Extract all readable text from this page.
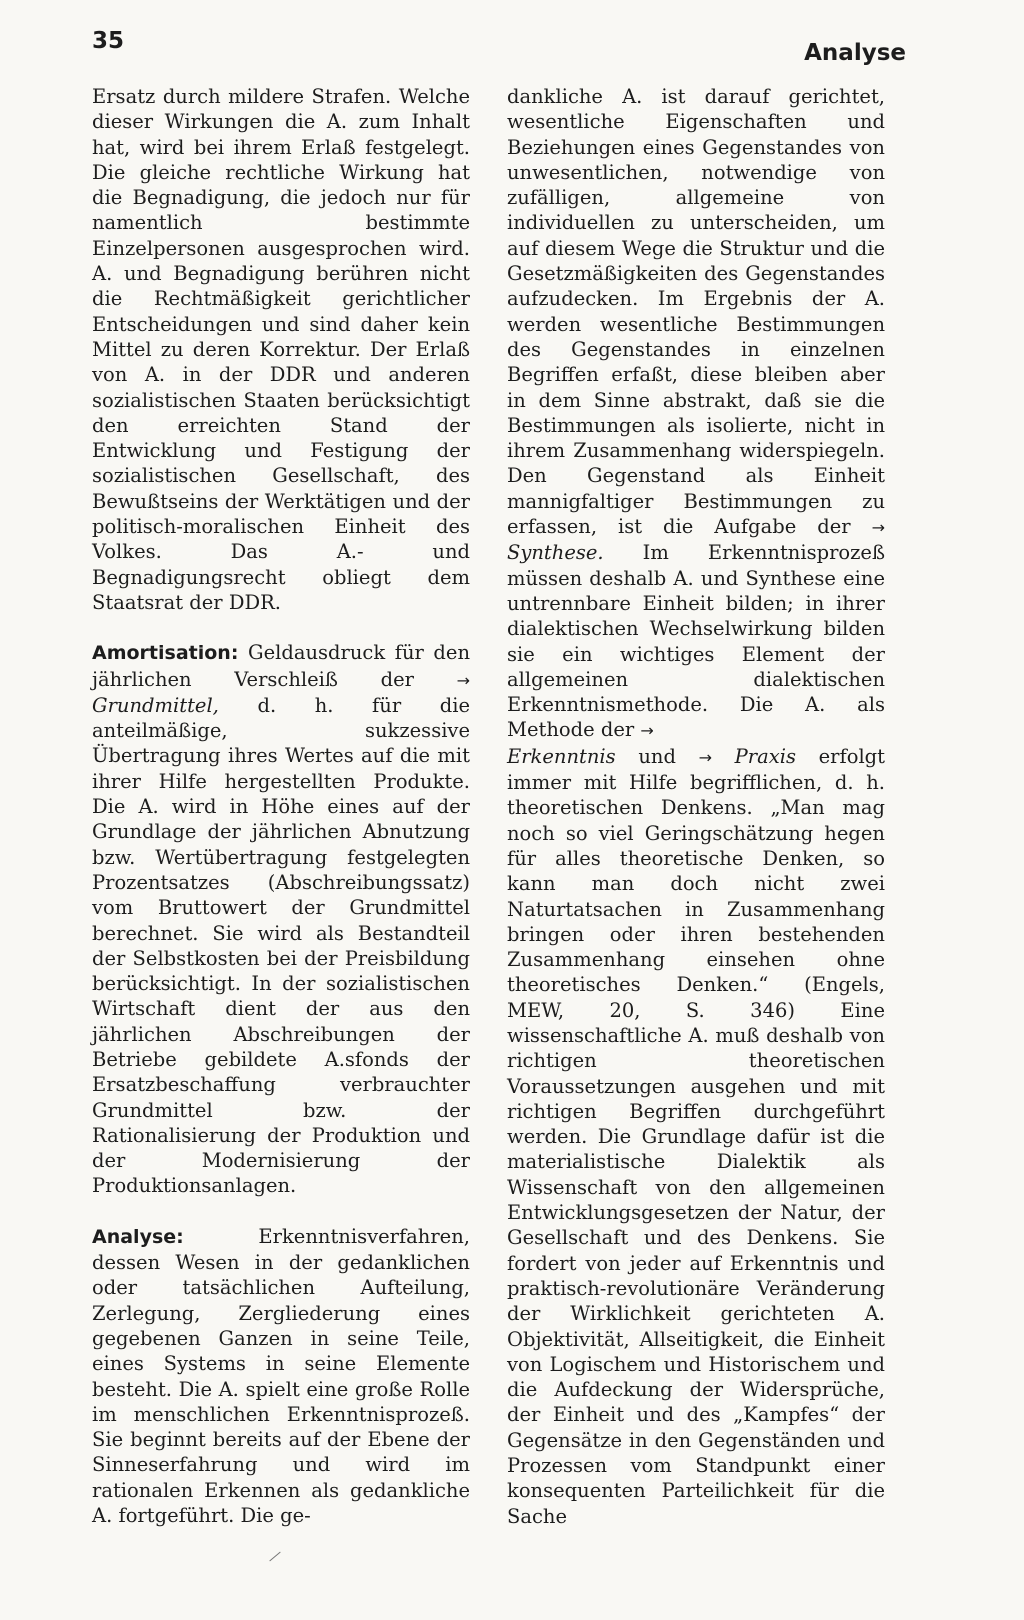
35	Analyse

Ersatz durch mildere Strafen. Welche dieser Wirkungen die A. zum Inhalt hat, wird bei ihrem Erlaß festgelegt. Die gleiche rechtliche Wirkung hat die Begnadigung, die jedoch nur für namentlich bestimmte Einzelpersonen ausgesprochen wird. A. und Begnadigung berühren nicht die Rechtmäßigkeit gerichtlicher Entscheidungen und sind daher kein Mittel zu deren Korrektur. Der Erlaß von A. in der DDR und anderen sozialistischen Staaten berücksichtigt den erreichten Stand der Entwicklung und Festigung der sozialistischen Gesellschaft, des Bewußtseins der Werktätigen und der politisch-moralischen Einheit des Volkes. Das A.- und Begnadigungsrecht obliegt dem Staatsrat der DDR.

Amortisation: Geldausdruck für den jährlichen Verschleiß der → Grundmittel, d. h. für die anteilmäßige, sukzessive Übertragung ihres Wertes auf die mit ihrer Hilfe hergestellten Produkte. Die A. wird in Höhe eines auf der Grundlage der jährlichen Abnutzung bzw. Wertübertragung festgelegten Prozentsatzes (Abschreibungssatz) vom Bruttowert der Grundmittel berechnet. Sie wird als Bestandteil der Selbstkosten bei der Preisbildung berücksichtigt. In der sozialistischen Wirtschaft dient der aus den jährlichen Abschreibungen der Betriebe gebildete A.sfonds der Ersatzbeschaffung verbrauchter Grundmittel bzw. der Rationalisierung der Produktion und der Modernisierung der Produktionsanlagen.

Analyse: Erkenntnisverfahren, dessen Wesen in der gedanklichen oder tatsächlichen Aufteilung, Zerlegung, Zergliederung eines gegebenen Ganzen in seine Teile, eines Systems in seine Elemente besteht. Die A. spielt eine große Rolle im menschlichen Erkenntnisprozeß. Sie beginnt bereits auf der Ebene der Sinneserfahrung und wird im rationalen Erkennen als gedankliche A. fortgeführt. Die ge-

dankliche A. ist darauf gerichtet, wesentliche Eigenschaften und Beziehungen eines Gegenstandes von unwesentlichen, notwendige von zufälligen, allgemeine von individuellen zu unterscheiden, um auf diesem Wege die Struktur und die Gesetzmäßigkeiten des Gegenstandes aufzudecken. Im Ergebnis der A. werden wesentliche Bestimmungen des Gegenstandes in einzelnen Begriffen erfaßt, diese bleiben aber in dem Sinne abstrakt, daß sie die Bestimmungen als isolierte, nicht in ihrem Zusammenhang widerspiegeln. Den Gegenstand als Einheit mannigfaltiger Bestimmungen zu erfassen, ist die Aufgabe der → Synthese. Im Erkenntnisprozeß müssen deshalb A. und Synthese eine untrennbare Einheit bilden; in ihrer dialektischen Wechselwirkung bilden sie ein wichtiges Element der allgemeinen dialektischen Erkenntnismethode. Die A. als Methode der →
Erkenntnis und → Praxis erfolgt immer mit Hilfe begrifflichen, d. h. theoretischen Denkens. „Man mag noch so viel Geringschätzung hegen für alles theoretische Denken, so kann man doch nicht zwei Naturtatsachen in Zusammenhang bringen oder ihren bestehenden Zusammenhang einsehen ohne theoretisches Denken.“ (Engels, MEW, 20, S. 346) Eine wissenschaftliche A. muß deshalb von richtigen theoretischen Voraussetzungen ausgehen und mit richtigen Begriffen durchgeführt werden. Die Grundlage dafür ist die materialistische Dialektik als Wissenschaft von den allgemeinen Entwicklungsgesetzen der Natur, der Gesellschaft und des Denkens. Sie fordert von jeder auf Erkenntnis und praktisch-revolutionäre Veränderung der Wirklichkeit gerichteten A. Objektivität, Allseitigkeit, die Einheit von Logischem und Historischem und die Aufdeckung der Widersprüche, der Einheit und des „Kampfes“ der Gegensätze in den Gegenständen und Prozessen vom Standpunkt einer konsequenten Parteilichkeit für die Sache
